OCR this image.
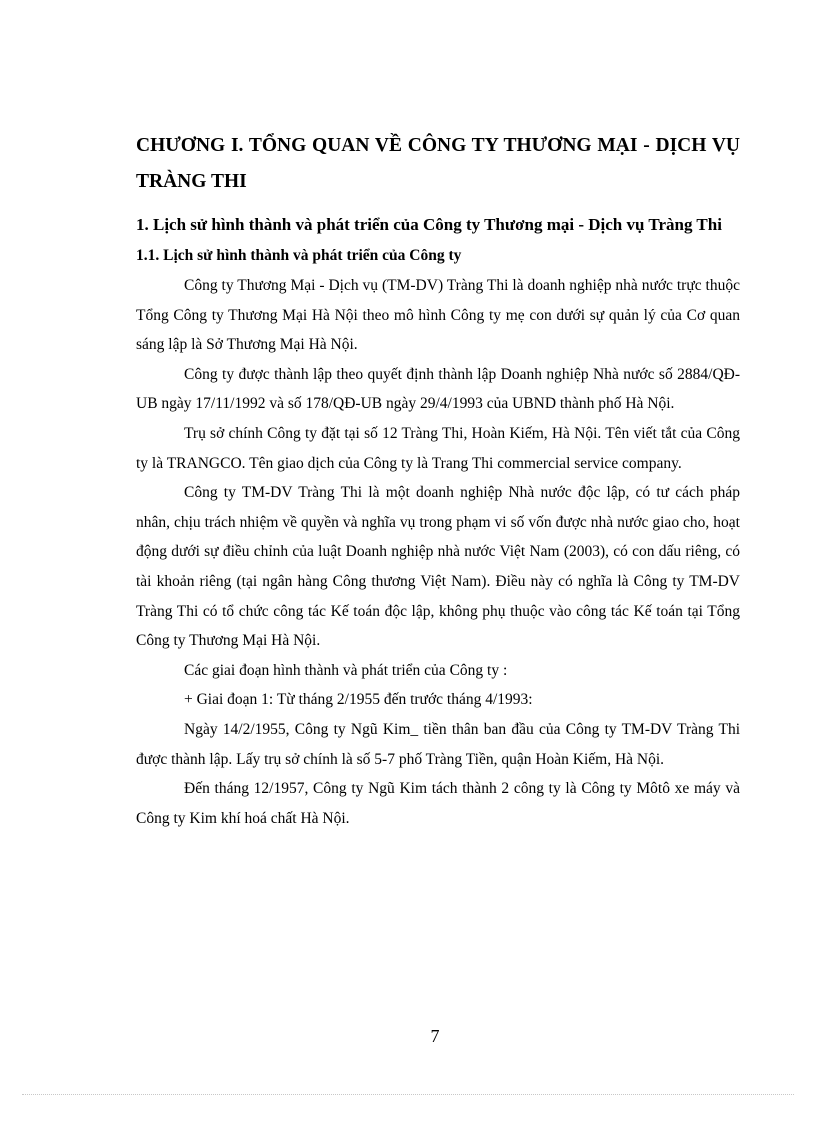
CHƯƠNG I. TỔNG QUAN VỀ CÔNG TY THƯƠNG MẠI - DỊCH VỤ TRÀNG THI
1. Lịch sử hình thành và phát triển của Công ty Thương mại - Dịch vụ Tràng Thi
1.1. Lịch sử hình thành và phát triển của Công ty

Công ty Thương Mại - Dịch vụ (TM-DV) Tràng Thi là doanh nghiệp nhà nước trực thuộc Tổng Công ty Thương Mại Hà Nội theo mô hình Công ty mẹ con dưới sự quản lý của Cơ quan sáng lập là Sở Thương Mại Hà Nội.

Công ty được thành lập theo quyết định thành lập Doanh nghiệp Nhà nước số 2884/QĐ-UB ngày 17/11/1992 và số 178/QĐ-UB ngày 29/4/1993 của UBND thành phố Hà Nội.

Trụ sở chính Công ty đặt tại số 12 Tràng Thi, Hoàn Kiếm, Hà Nội. Tên viết tắt của Công ty là TRANGCO. Tên giao dịch của Công ty là Trang Thi commercial service company.

Công ty TM-DV Tràng Thi là một doanh nghiệp Nhà nước độc lập, có tư cách pháp nhân, chịu trách nhiệm về quyền và nghĩa vụ trong phạm vi số vốn được nhà nước giao cho, hoạt động dưới sự điều chỉnh của luật Doanh nghiệp nhà nước Việt Nam (2003), có con dấu riêng, có tài khoản riêng (tại ngân hàng Công thương Việt Nam). Điều này có nghĩa là Công ty TM-DV Tràng Thi có tổ chức công tác Kế toán độc lập, không phụ thuộc vào công tác Kế toán tại Tổng Công ty Thương Mại Hà Nội.

Các giai đoạn hình thành và phát triển của Công ty :

+ Giai đoạn 1: Từ tháng 2/1955 đến trước tháng 4/1993:

Ngày 14/2/1955, Công ty Ngũ Kim_ tiền thân ban đầu của Công ty TM-DV Tràng Thi được thành lập. Lấy trụ sở chính là số 5-7 phố Tràng Tiền, quận Hoàn Kiếm, Hà Nội.

Đến tháng 12/1957, Công ty Ngũ Kim tách thành 2 công ty là Công ty Môtô xe máy và Công ty Kim khí hoá chất Hà Nội.

7
